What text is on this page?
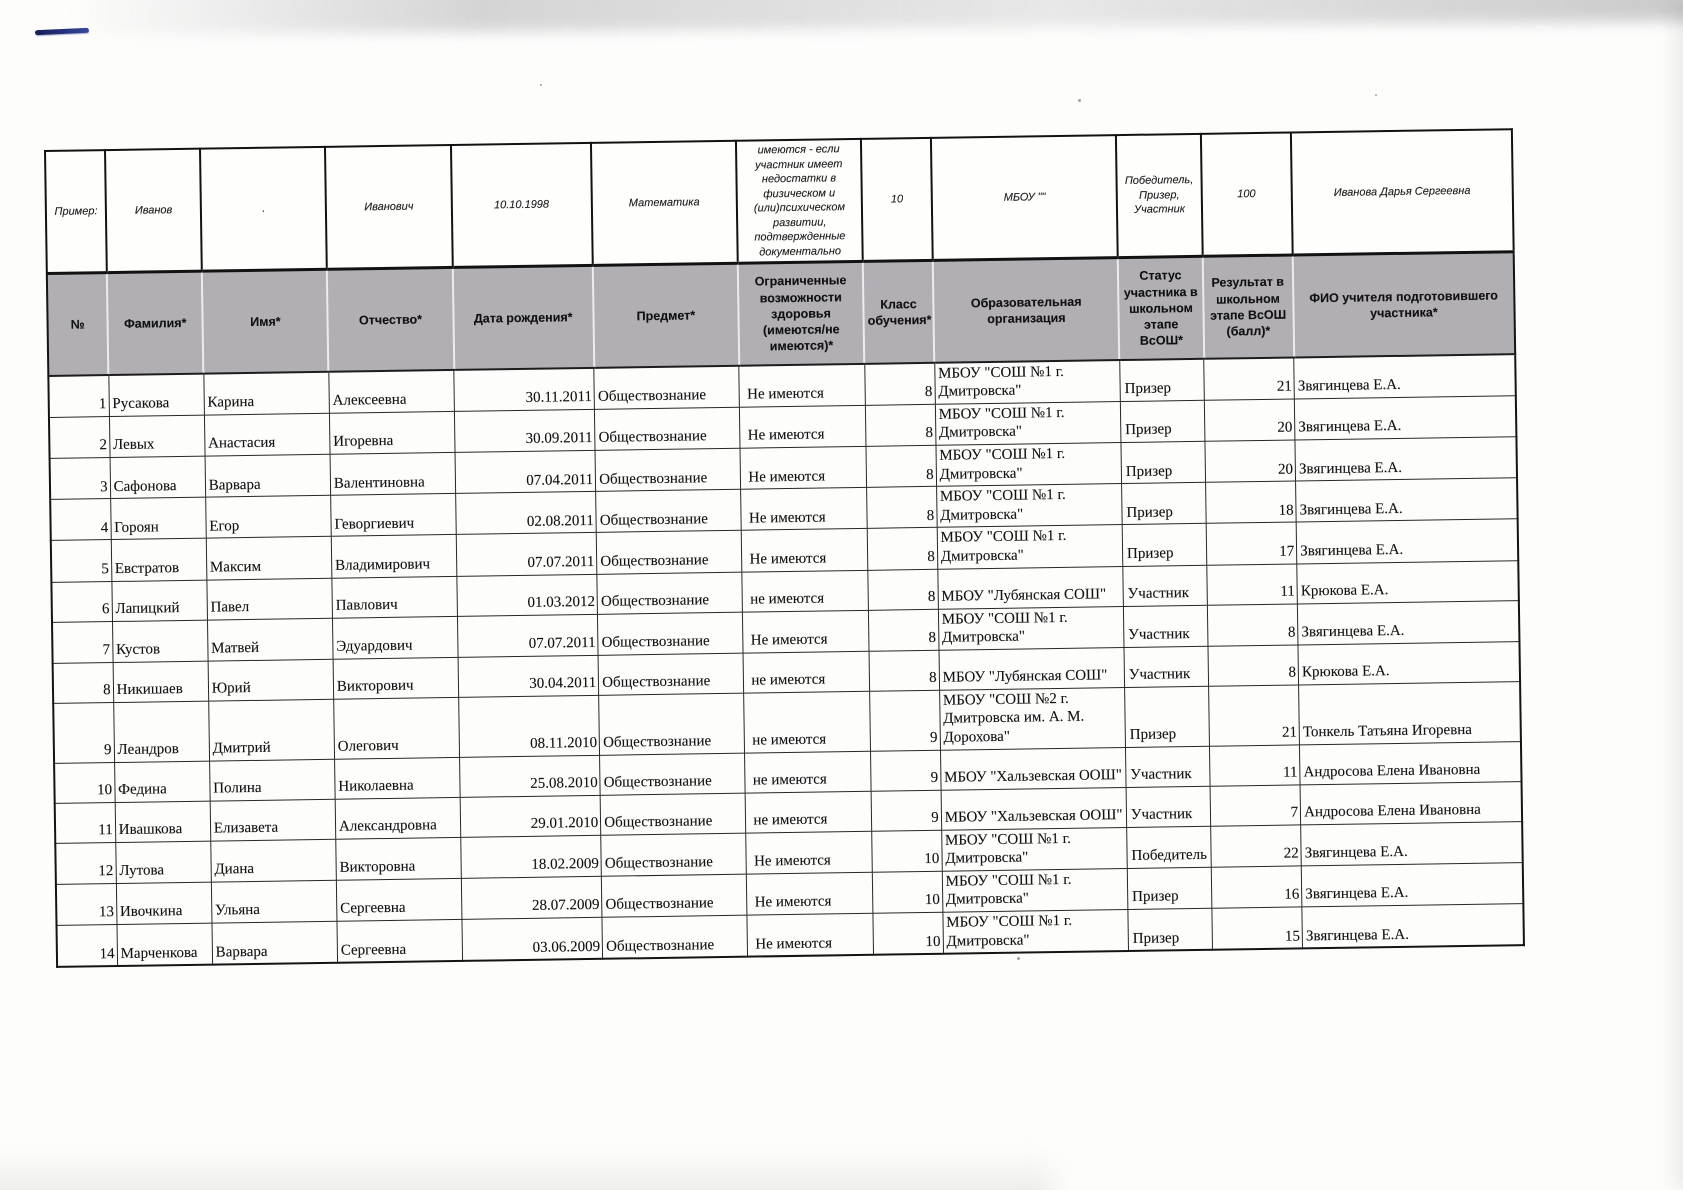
Пример:	Иванов	.	Иванович	10.10.1998	Математика	имеются - если участник имеет недостатки в физическом и (или)психическом развитии, подтвержденные документально	10	МБОУ ""	Победитель, Призер, Участник	100	Иванова Дарья Сергеевна
№	Фамилия*	Имя*	Отчество*	Дата рождения*	Предмет*	Ограниченные возможности здоровья (имеются/не имеются)*	Класс обучения*	Образовательная организация	Статус участника в школьном этапе ВсОШ*	Результат в школьном этапе ВсОШ (балл)*	ФИО учителя подготовившего участника*
1	Русакова	Карина	Алексеевна	30.11.2011	Обществознание	Не имеются	8	МБОУ "СОШ №1 г. Дмитровска"	Призер	21	Звягинцева Е.А.
2	Левых	Анастасия	Игоревна	30.09.2011	Обществознание	Не имеются	8	МБОУ "СОШ №1 г. Дмитровска"	Призер	20	Звягинцева Е.А.
3	Сафонова	Варвара	Валентиновна	07.04.2011	Обществознание	Не имеются	8	МБОУ "СОШ №1 г. Дмитровска"	Призер	20	Звягинцева Е.А.
4	Гороян	Егор	Геворгиевич	02.08.2011	Обществознание	Не имеются	8	МБОУ "СОШ №1 г. Дмитровска"	Призер	18	Звягинцева Е.А.
5	Евстратов	Максим	Владимирович	07.07.2011	Обществознание	Не имеются	8	МБОУ "СОШ №1 г. Дмитровска"	Призер	17	Звягинцева Е.А.
6	Лапицкий	Павел	Павлович	01.03.2012	Обществознание	не имеются	8	МБОУ "Лубянская СОШ"	Участник	11	Крюкова Е.А.
7	Кустов	Матвей	Эдуардович	07.07.2011	Обществознание	Не имеются	8	МБОУ "СОШ №1 г. Дмитровска"	Участник	8	Звягинцева Е.А.
8	Никишаев	Юрий	Викторович	30.04.2011	Обществознание	не имеются	8	МБОУ "Лубянская СОШ"	Участник	8	Крюкова Е.А.
9	Леандров	Дмитрий	Олегович	08.11.2010	Обществознание	не имеются	9	МБОУ "СОШ №2 г. Дмитровска им. А. М. Дорохова"	Призер	21	Тонкель Татьяна Игоревна
10	Федина	Полина	Николаевна	25.08.2010	Обществознание	не имеются	9	МБОУ "Хальзевская ООШ"	Участник	11	Андросова Елена Ивановна
11	Ивашкова	Елизавета	Александровна	29.01.2010	Обществознание	не имеются	9	МБОУ "Хальзевская ООШ"	Участник	7	Андросова Елена Ивановна
12	Лутова	Диана	Викторовна	18.02.2009	Обществознание	Не имеются	10	МБОУ "СОШ №1 г. Дмитровска"	Победитель	22	Звягинцева Е.А.
13	Ивочкина	Ульяна	Сергеевна	28.07.2009	Обществознание	Не имеются	10	МБОУ "СОШ №1 г. Дмитровска"	Призер	16	Звягинцева Е.А.
14	Марченкова	Варвара	Сергеевна	03.06.2009	Обществознание	Не имеются	10	МБОУ "СОШ №1 г. Дмитровска"	Призер	15	Звягинцева Е.А.
